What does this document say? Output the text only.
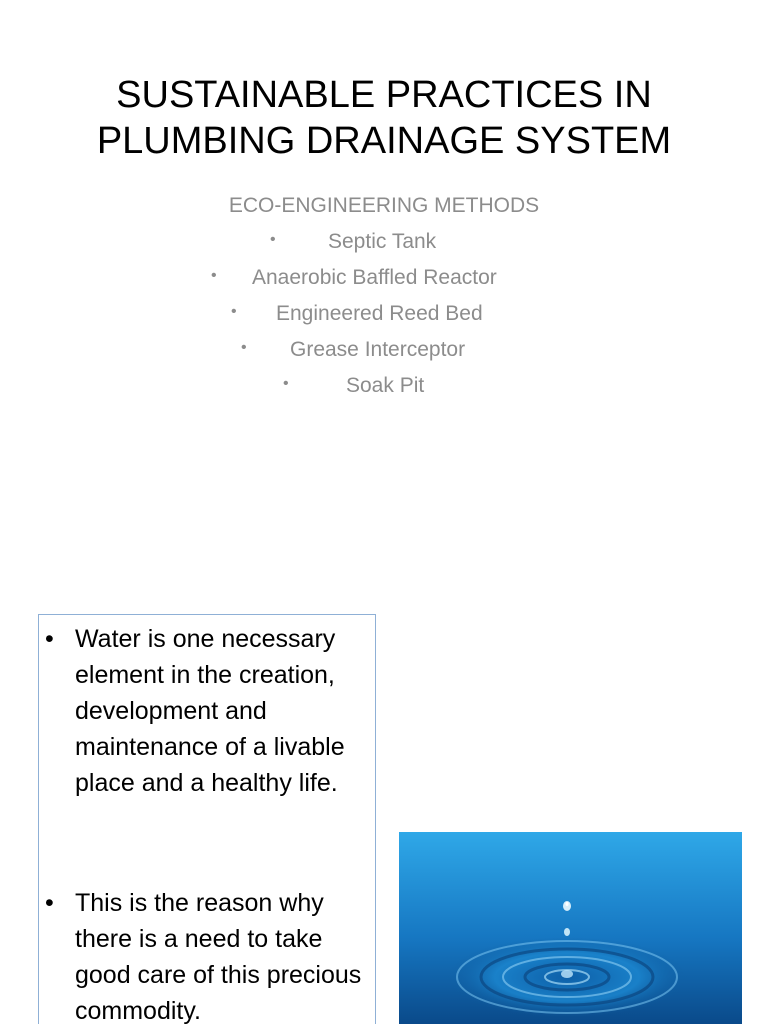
SUSTAINABLE PRACTICES IN
PLUMBING DRAINAGE SYSTEM
ECO-ENGINEERING METHODS
• Septic Tank
• Anaerobic Baffled Reactor
• Engineered Reed Bed
• Grease Interceptor
•	Soak Pit
• Water is one necessary element in the creation, development and maintenance of a livable place and a healthy life.
• This is the reason why there is a need to take good care of this precious commodity.
